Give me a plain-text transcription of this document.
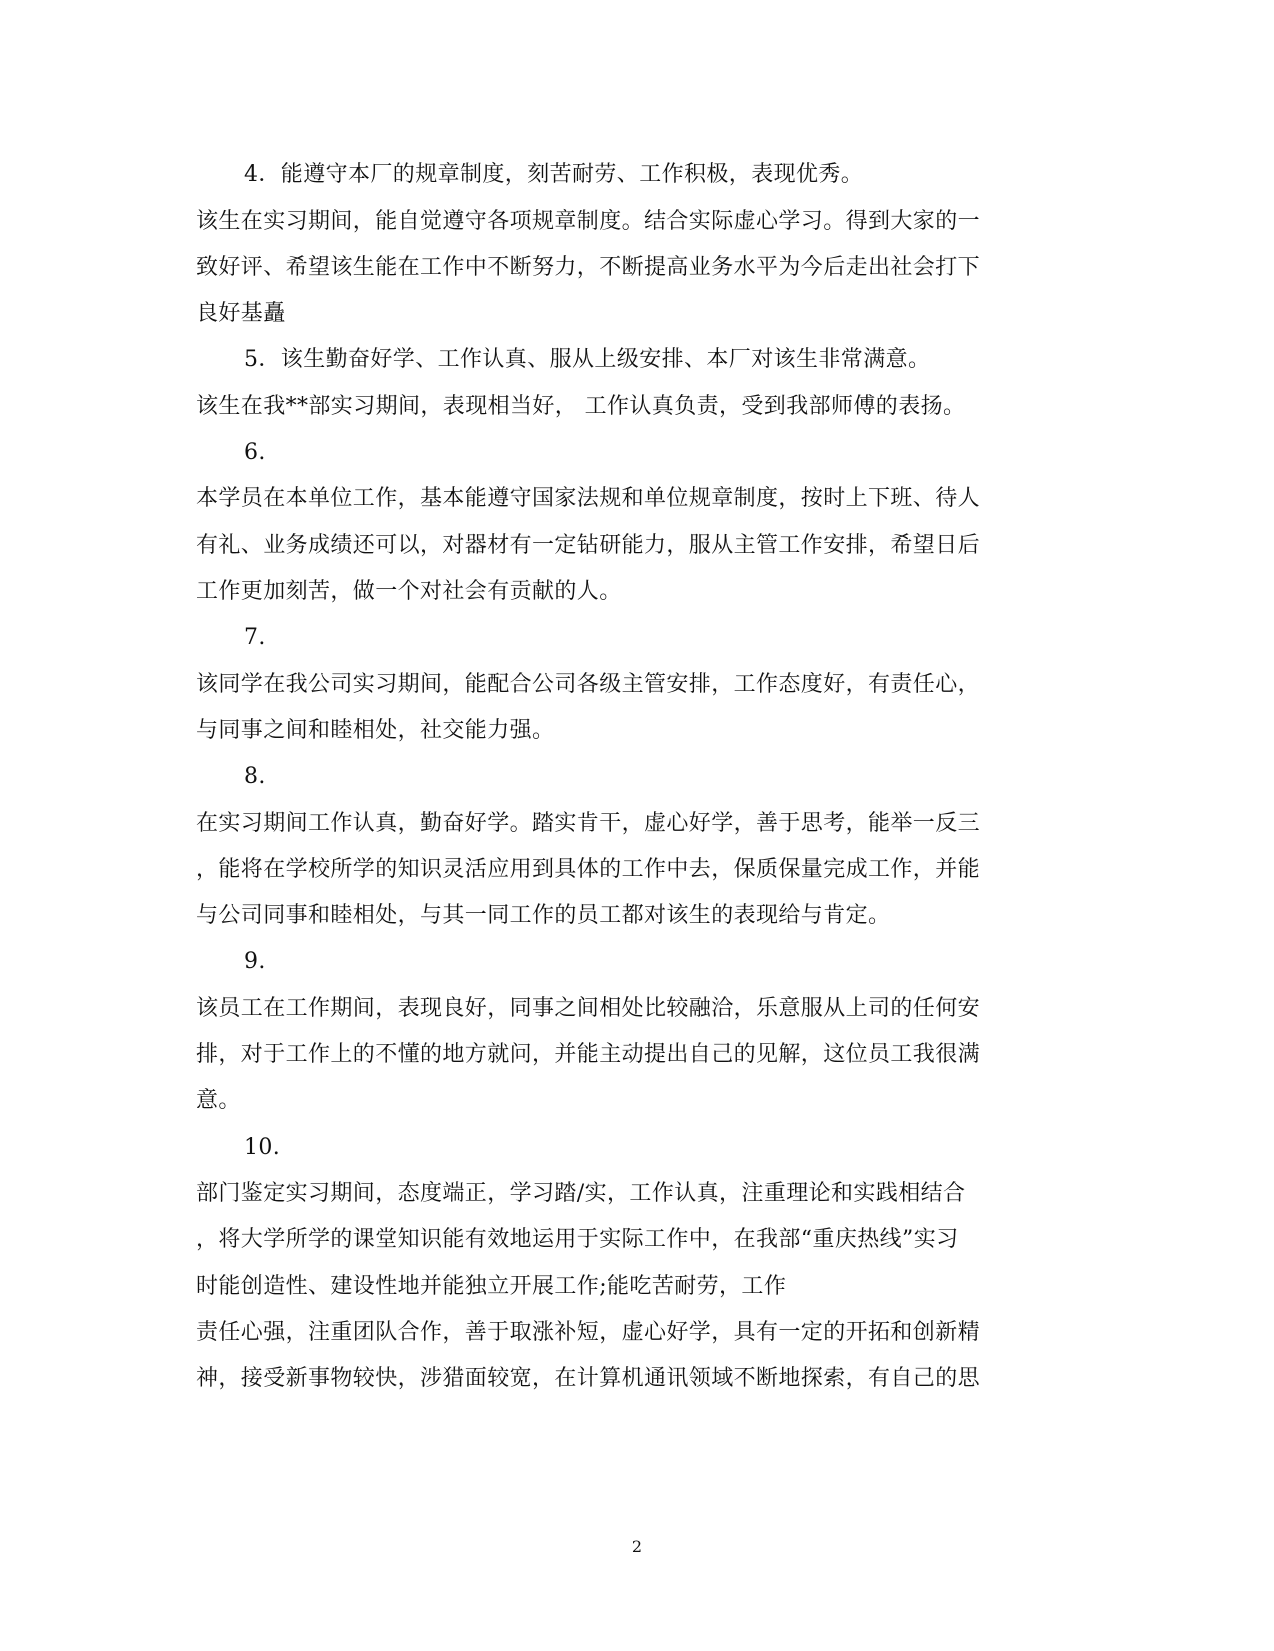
4．能遵守本厂的规章制度，刻苦耐劳、工作积极，表现优秀。
该生在实习期间，能自觉遵守各项规章制度。结合实际虚心学习。得到大家的一
致好评、希望该生能在工作中不断努力，不断提高业务水平为今后走出社会打下
良好基矗
5．该生勤奋好学、工作认真、服从上级安排、本厂对该生非常满意。
该生在我**部实习期间，表现相当好， 工作认真负责，受到我部师傅的表扬。
6.
本学员在本单位工作，基本能遵守国家法规和单位规章制度，按时上下班、待人
有礼、业务成绩还可以，对器材有一定钻研能力，服从主管工作安排，希望日后
工作更加刻苦，做一个对社会有贡献的人。
7.
该同学在我公司实习期间，能配合公司各级主管安排，工作态度好，有责任心，
与同事之间和睦相处，社交能力强。
8.
在实习期间工作认真，勤奋好学。踏实肯干，虚心好学，善于思考，能举一反三
，能将在学校所学的知识灵活应用到具体的工作中去，保质保量完成工作，并能
与公司同事和睦相处，与其一同工作的员工都对该生的表现给与肯定。
9.
该员工在工作期间，表现良好，同事之间相处比较融洽，乐意服从上司的任何安
排，对于工作上的不懂的地方就问，并能主动提出自己的见解，这位员工我很满
意。
10.
部门鉴定实习期间，态度端正，学习踏/实，工作认真，注重理论和实践相结合
，将大学所学的课堂知识能有效地运用于实际工作中，在我部“重庆热线”实习
时能创造性、建设性地并能独立开展工作;能吃苦耐劳，工作
责任心强，注重团队合作，善于取涨补短，虚心好学，具有一定的开拓和创新精
神，接受新事物较快，涉猎面较宽，在计算机通讯领域不断地探索，有自己的思
2
